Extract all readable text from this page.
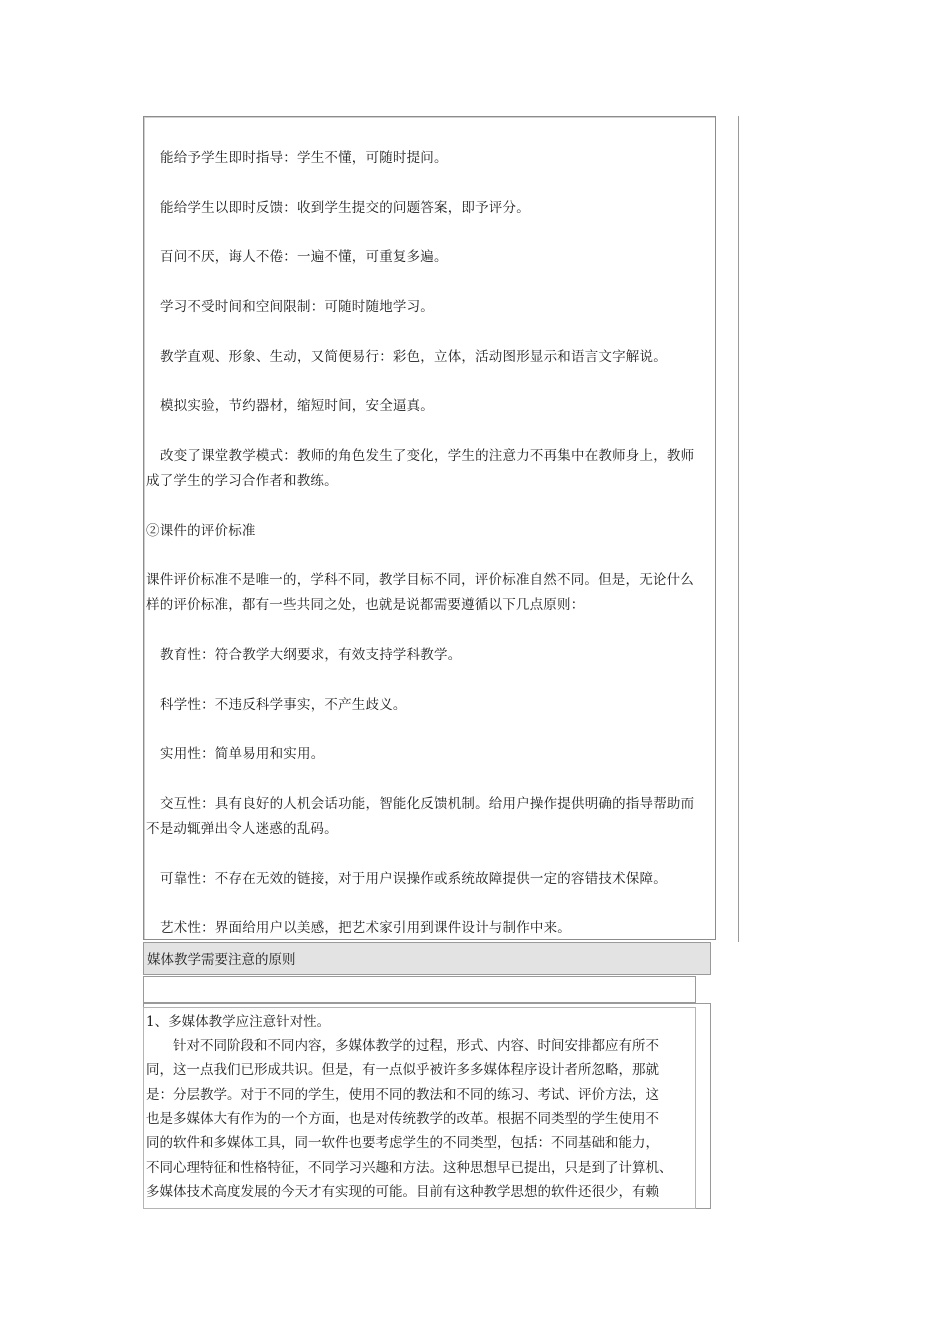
能给予学生即时指导：学生不懂，可随时提问。
能给学生以即时反馈：收到学生提交的问题答案，即予评分。
百问不厌，诲人不倦：一遍不懂，可重复多遍。
学习不受时间和空间限制：可随时随地学习。
教学直观、形象、生动，又简便易行：彩色，立体，活动图形显示和语言文字解说。
模拟实验，节约器材，缩短时间，安全逼真。
改变了课堂教学模式：教师的角色发生了变化，学生的注意力不再集中在教师身上，教师
成了学生的学习合作者和教练。
②课件的评价标准
课件评价标准不是唯一的，学科不同，教学目标不同，评价标准自然不同。但是，无论什么
样的评价标准，都有一些共同之处，也就是说都需要遵循以下几点原则：
教育性：符合教学大纲要求，有效支持学科教学。
科学性：不违反科学事实，不产生歧义。
实用性：简单易用和实用。
交互性：具有良好的人机会话功能，智能化反馈机制。给用户操作提供明确的指导帮助而
不是动辄弹出令人迷惑的乱码。
可靠性：不存在无效的链接，对于用户误操作或系统故障提供一定的容错技术保障。
艺术性：界面给用户以美感，把艺术家引用到课件设计与制作中来。
媒体教学需要注意的原则
1、多媒体教学应注意针对性。
　　针对不同阶段和不同内容，多媒体教学的过程，形式、内容、时间安排都应有所不
同，这一点我们已形成共识。但是，有一点似乎被许多多媒体程序设计者所忽略，那就
是：分层教学。对于不同的学生，使用不同的教法和不同的练习、考试、评价方法，这
也是多媒体大有作为的一个方面，也是对传统教学的改革。根据不同类型的学生使用不
同的软件和多媒体工具，同一软件也要考虑学生的不同类型，包括：不同基础和能力，
不同心理特征和性格特征，不同学习兴趣和方法。这种思想早已提出，只是到了计算机、
多媒体技术高度发展的今天才有实现的可能。目前有这种教学思想的软件还很少，有赖
